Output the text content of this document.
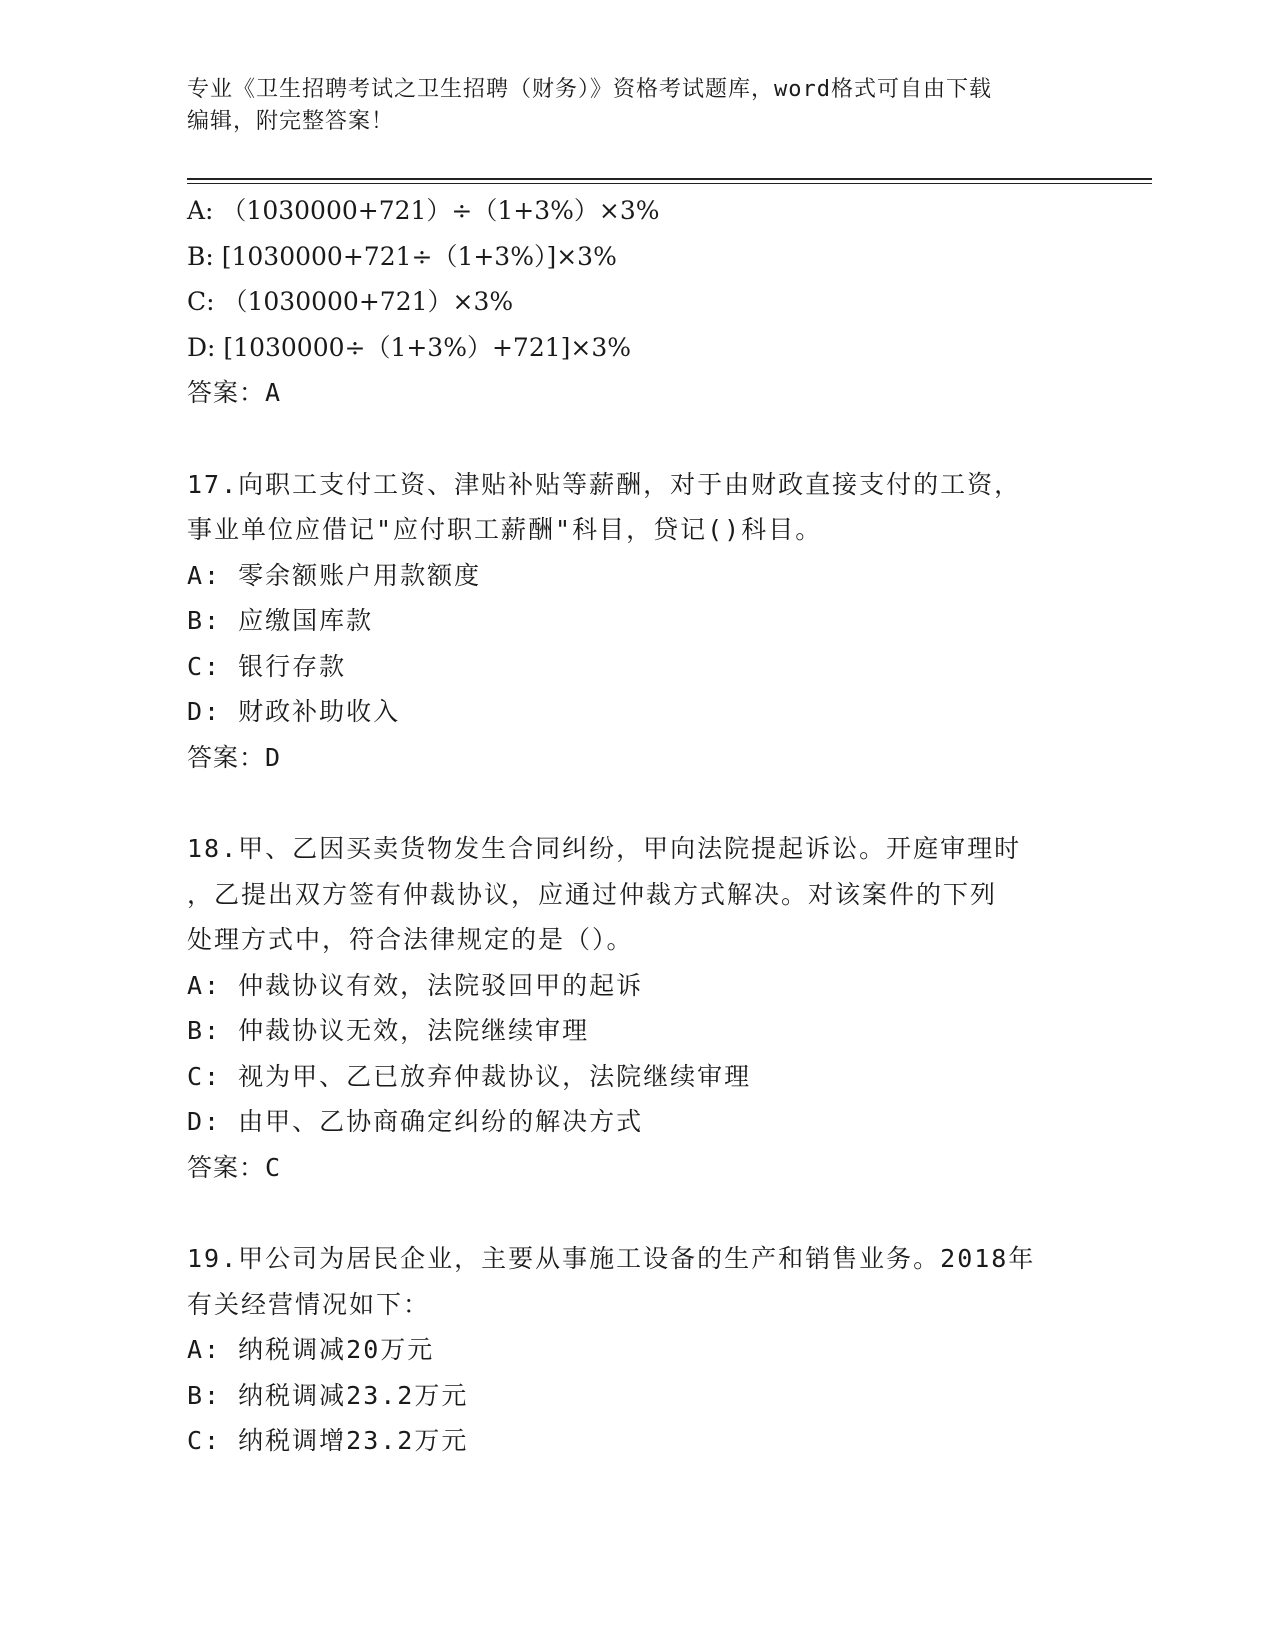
专业《卫生招聘考试之卫生招聘（财务）》资格考试题库，word格式可自由下载
编辑，附完整答案！
A: （1030000+721）÷（1+3%）×3%
B: [1030000+721÷（1+3%）]×3%
C: （1030000+721）×3%
D: [1030000÷（1+3%）+721]×3%
答案：A
17.向职工支付工资、津贴补贴等薪酬，对于由财政直接支付的工资，
事业单位应借记"应付职工薪酬"科目，贷记()科目。
A: 零余额账户用款额度
B: 应缴国库款
C: 银行存款
D: 财政补助收入
答案：D
18.甲、乙因买卖货物发生合同纠纷，甲向法院提起诉讼。开庭审理时
，乙提出双方签有仲裁协议，应通过仲裁方式解决。对该案件的下列
处理方式中，符合法律规定的是（）。
A: 仲裁协议有效，法院驳回甲的起诉
B: 仲裁协议无效，法院继续审理
C: 视为甲、乙已放弃仲裁协议，法院继续审理
D: 由甲、乙协商确定纠纷的解决方式
答案：C
19.甲公司为居民企业，主要从事施工设备的生产和销售业务。2018年
有关经营情况如下：
A: 纳税调减20万元
B: 纳税调减23.2万元
C: 纳税调增23.2万元
